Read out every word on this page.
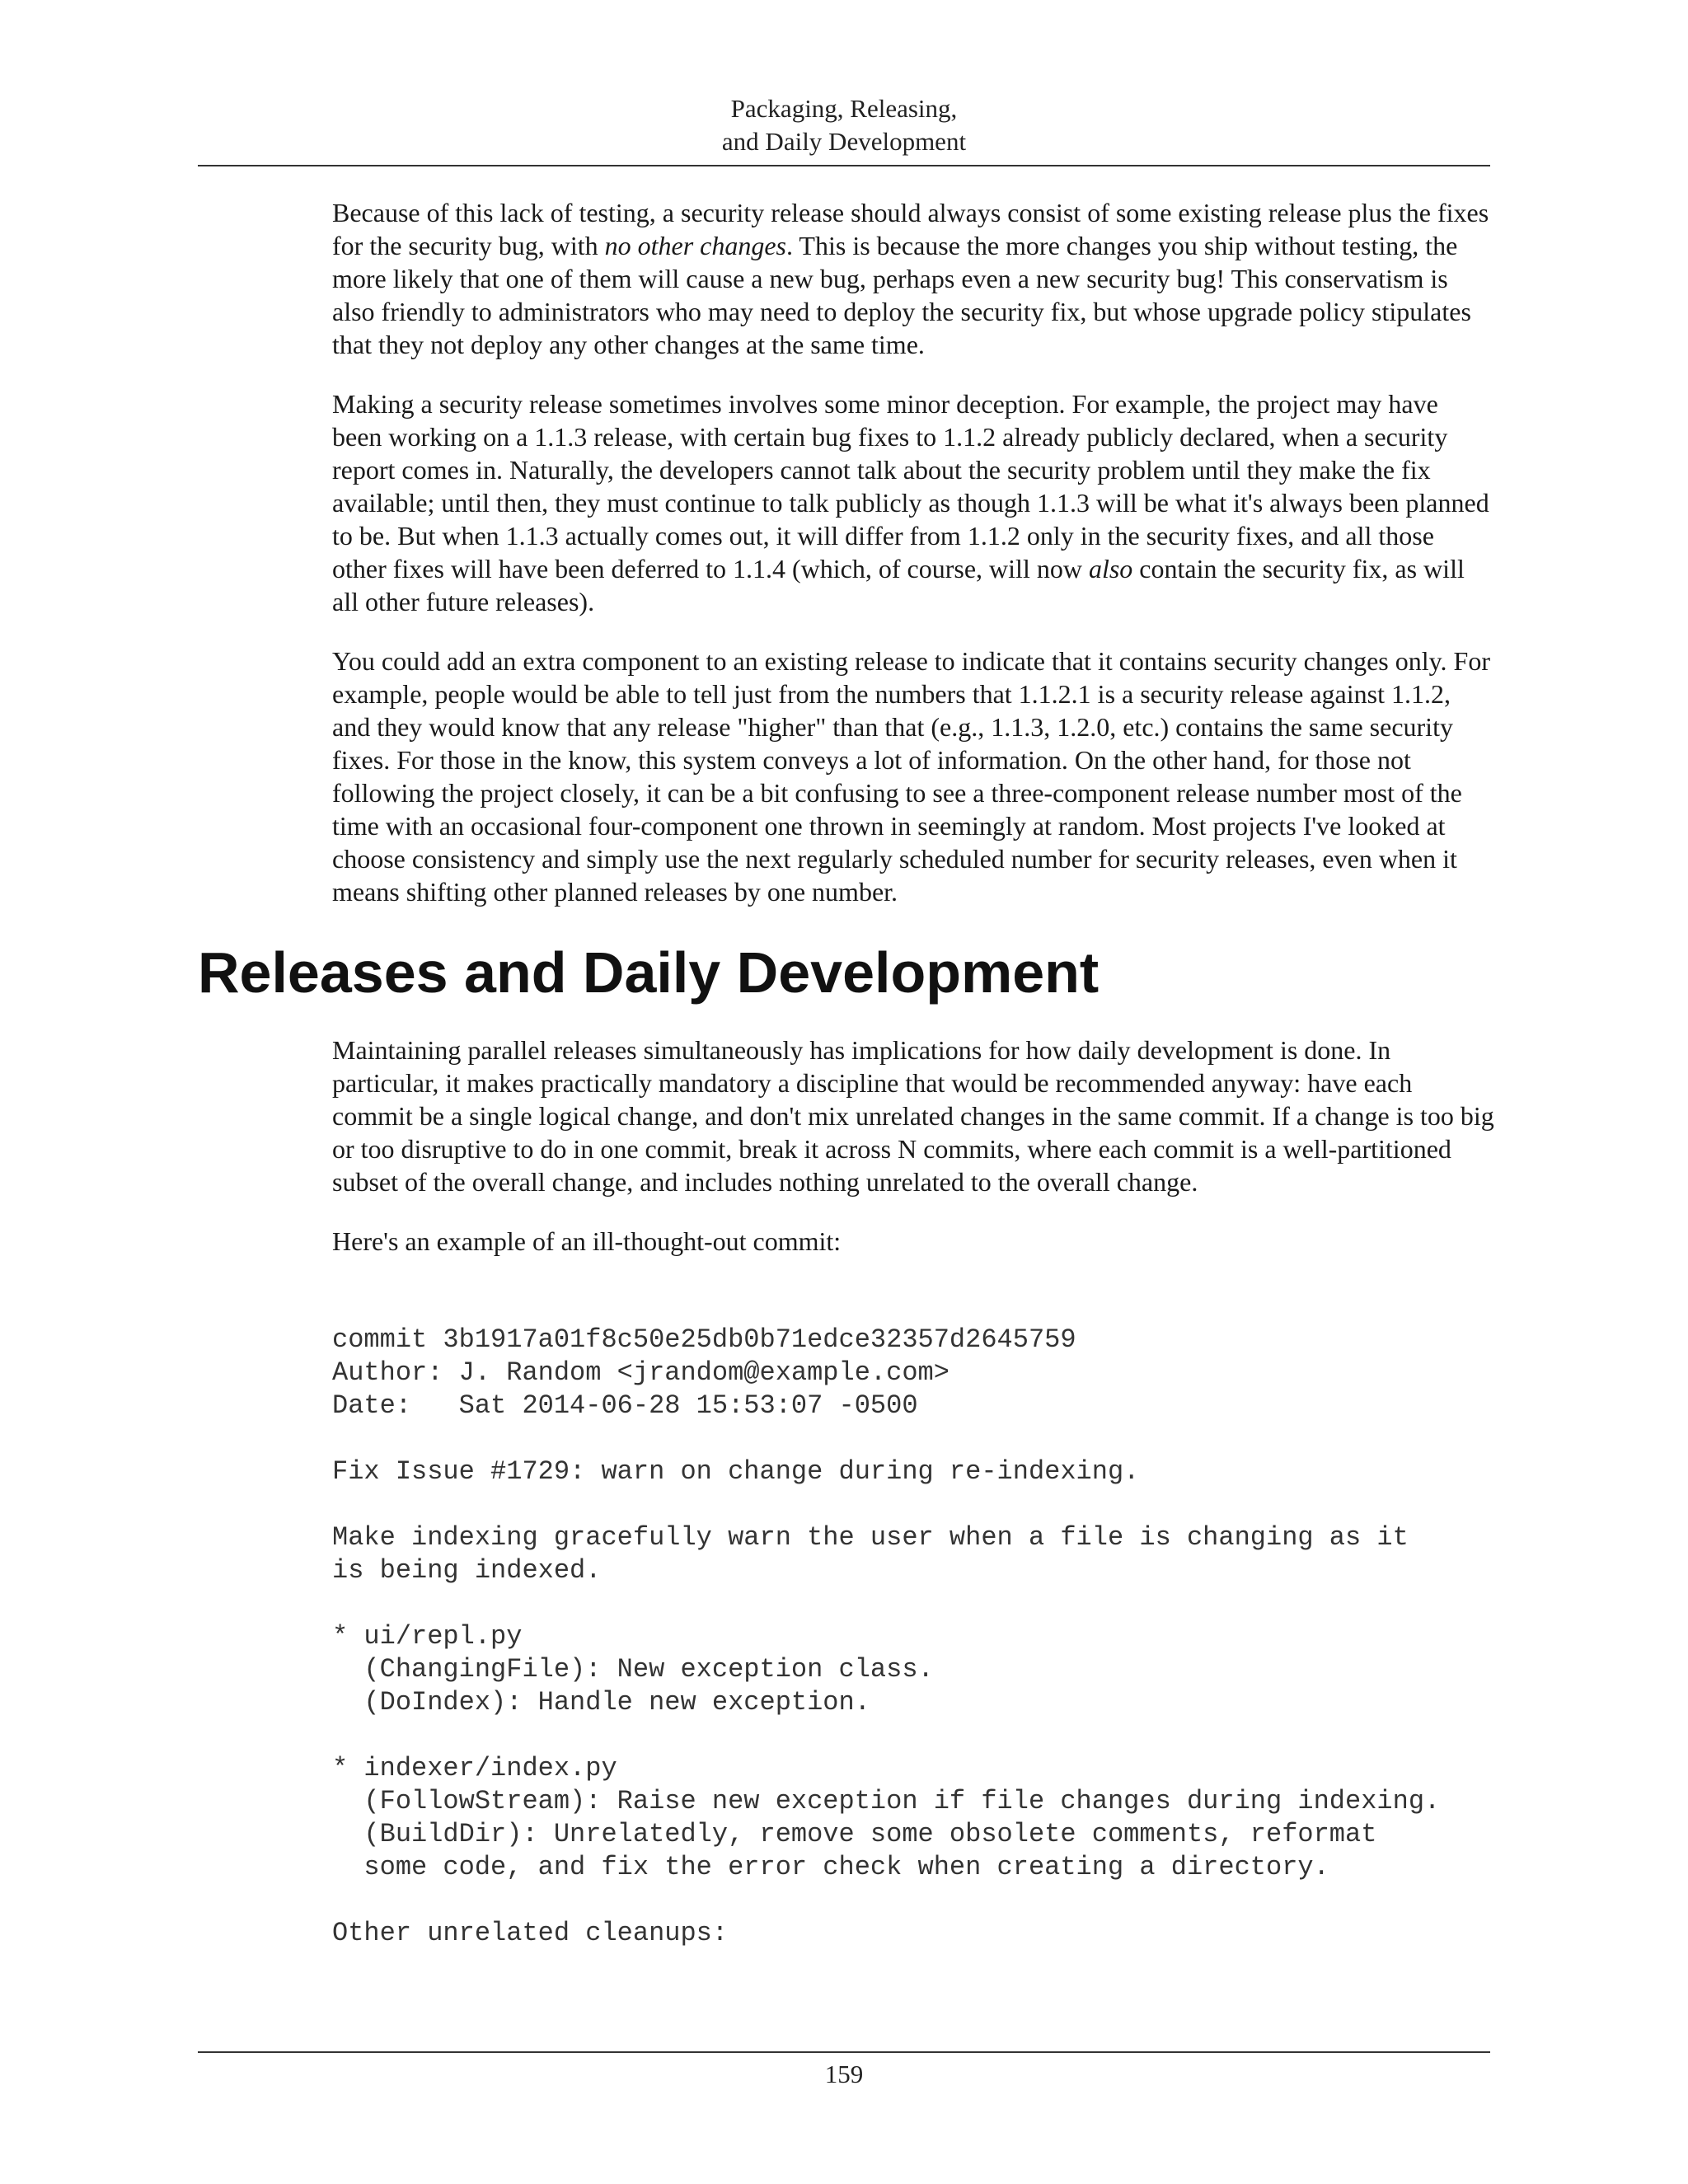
Packaging, Releasing,
and Daily Development

Because of this lack of testing, a security release should always consist of some existing release plus the fixes for the security bug, with no other changes. This is because the more changes you ship without testing, the more likely that one of them will cause a new bug, perhaps even a new security bug! This conservatism is also friendly to administrators who may need to deploy the security fix, but whose upgrade policy stipulates that they not deploy any other changes at the same time.

Making a security release sometimes involves some minor deception. For example, the project may have been working on a 1.1.3 release, with certain bug fixes to 1.1.2 already publicly declared, when a security report comes in. Naturally, the developers cannot talk about the security problem until they make the fix available; until then, they must continue to talk publicly as though 1.1.3 will be what it's always been planned to be. But when 1.1.3 actually comes out, it will differ from 1.1.2 only in the security fixes, and all those other fixes will have been deferred to 1.1.4 (which, of course, will now also contain the security fix, as will all other future releases).

You could add an extra component to an existing release to indicate that it contains security changes only. For example, people would be able to tell just from the numbers that 1.1.2.1 is a security release against 1.1.2, and they would know that any release "higher" than that (e.g., 1.1.3, 1.2.0, etc.) contains the same security fixes. For those in the know, this system conveys a lot of information. On the other hand, for those not following the project closely, it can be a bit confusing to see a three-component release number most of the time with an occasional four-component one thrown in seemingly at random. Most projects I've looked at choose consistency and simply use the next regularly scheduled number for security releases, even when it means shifting other planned releases by one number.

Releases and Daily Development

Maintaining parallel releases simultaneously has implications for how daily development is done. In particular, it makes practically mandatory a discipline that would be recommended anyway: have each commit be a single logical change, and don't mix unrelated changes in the same commit. If a change is too big or too disruptive to do in one commit, break it across N commits, where each commit is a well-partitioned subset of the overall change, and includes nothing unrelated to the overall change.

Here's an example of an ill-thought-out commit:

commit 3b1917a01f8c50e25db0b71edce32357d2645759
Author: J. Random <jrandom@example.com>
Date:   Sat 2014-06-28 15:53:07 -0500

Fix Issue #1729: warn on change during re-indexing.

Make indexing gracefully warn the user when a file is changing as it
is being indexed.

* ui/repl.py
(ChangingFile): New exception class.
(DoIndex): Handle new exception.

* indexer/index.py
(FollowStream): Raise new exception if file changes during indexing.
(BuildDir): Unrelatedly, remove some obsolete comments, reformat
some code, and fix the error check when creating a directory.

Other unrelated cleanups:
159
